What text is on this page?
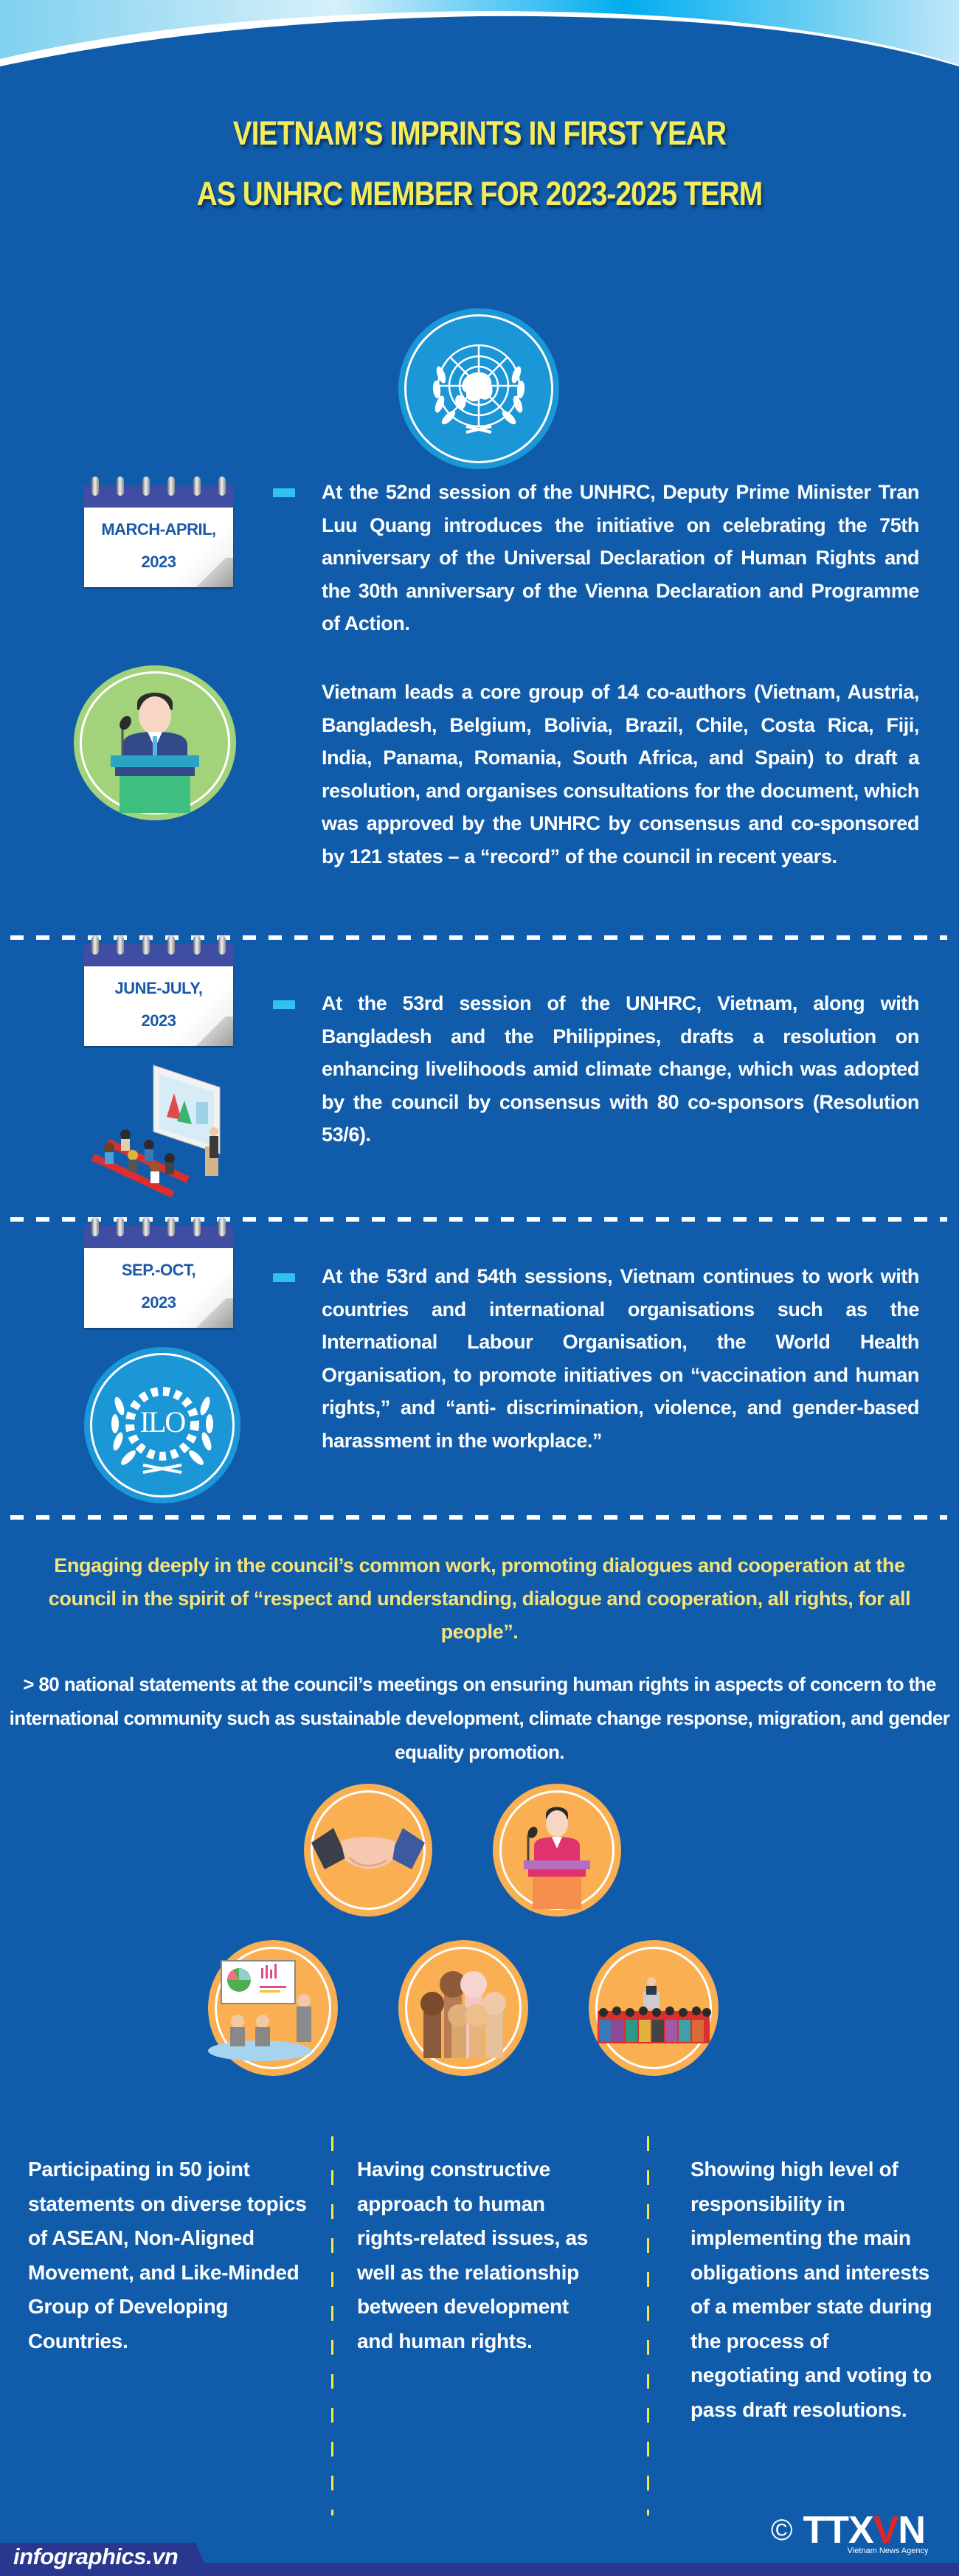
VIETNAM’S IMPRINTS IN FIRST YEAR
AS UNHRC MEMBER FOR 2023-2025 TERM
MARCH-APRIL,
2023
At the 52nd session of the UNHRC, Deputy Prime Minister Tran Luu Quang introduces the initiative on celebrating the 75th anniversary of the Universal Declaration of Human Rights and the 30th anniversary of the Vienna Declaration and Programme of Action.
Vietnam leads a core group of 14 co-authors (Vietnam, Austria, Bangladesh, Belgium, Bolivia, Brazil, Chile, Costa Rica, Fiji, India, Panama, Romania, South Africa, and Spain) to draft a resolution, and organises consultations for the document, which was approved by the UNHRC by consensus and co-sponsored by 121 states – a “record” of the council in recent years.
JUNE-JULY,
2023
At the 53rd session of the UNHRC, Vietnam, along with Bangladesh and the Philippines, drafts a resolution on enhancing livelihoods amid climate change, which was adopted by the council by consensus with 80 co-sponsors (Resolution 53/6).
SEP.-OCT,
2023
At the 53rd and 54th sessions, Vietnam continues to work with countries and international organisations such as the International Labour Organisation, the World Health Organisation, to promote initiatives on “vaccination and human rights,” and “anti- discrimination, violence, and gender-based harassment in the workplace.”
ILO
Engaging deeply in the council’s common work, promoting dialogues and cooperation at the council in the spirit of “respect and understanding, dialogue and cooperation, all rights, for all people”.
> 80 national statements at the council’s meetings on ensuring human rights in aspects of concern to the international community such as sustainable development, climate change response, migration, and gender equality promotion.
Participating in 50 joint statements on diverse topics of ASEAN, Non-Aligned Movement, and Like-Minded Group of Developing Countries.
Having constructive approach to human rights-related issues, as well as the relationship between development and human rights.
Showing high level of responsibility in implementing the main obligations and interests of a member state during the process of negotiating and voting to pass draft resolutions.
infographics.vn
© TTXVN
Vietnam News Agency
